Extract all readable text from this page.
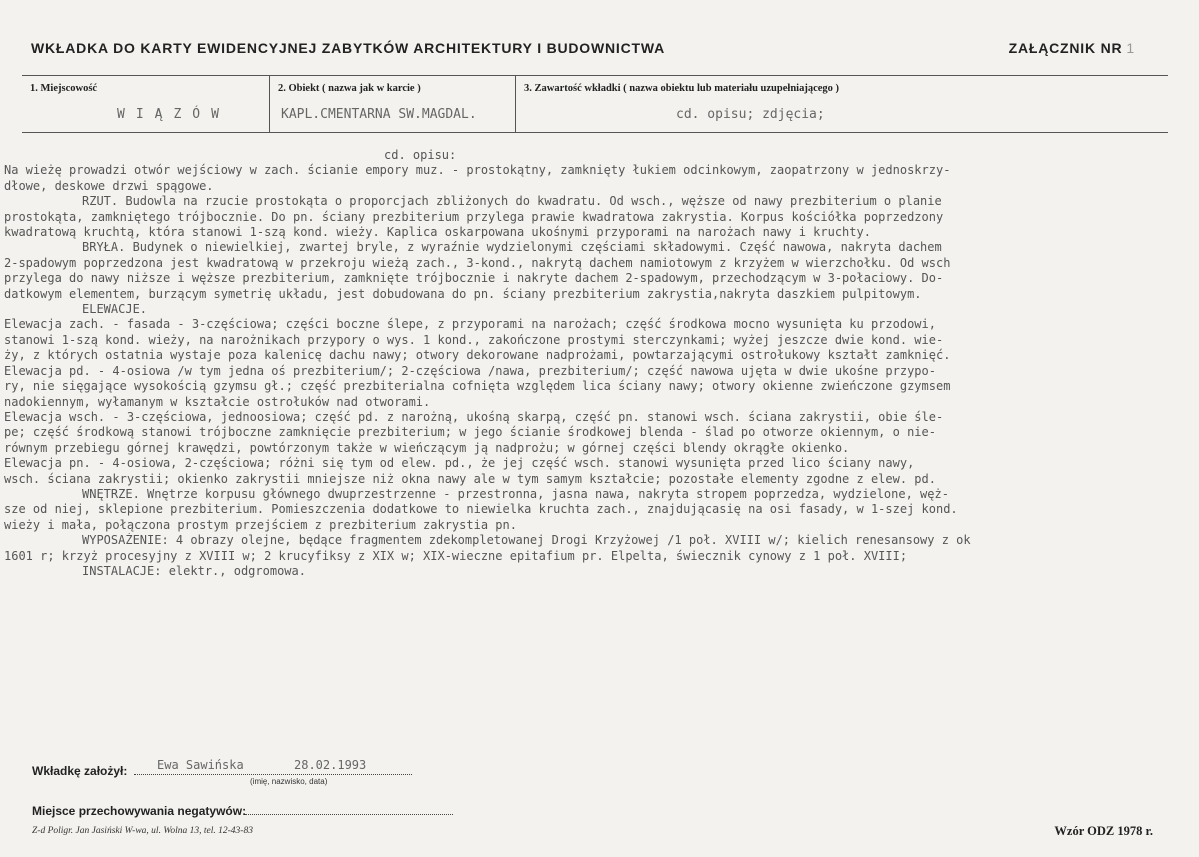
WKŁADKA DO KARTY EWIDENCYJNEJ ZABYTKÓW ARCHITEKTURY I BUDOWNICTWA	ZAŁĄCZNIK NR 1
1. Miejscowość
WIĄZÓW
2. Obiekt ( nazwa jak w karcie )
KAPL.CMENTARNA SW.MAGDAL.
3. Zawartość wkładki ( nazwa obiektu lub materiału uzupełniającego )
cd. opisu; zdjęcia;

cd. opisu:

Na wieżę prowadzi otwór wejściowy w zach. ścianie empory muz. - prostokątny, zamknięty łukiem odcinkowym, zaopatrzony w jednoskrzy-

dłowe, deskowe drzwi spągowe.

RZUT. Budowla na rzucie prostokąta o proporcjach zbliżonych do kwadratu. Od wsch., węższe od nawy prezbiterium o planie

prostokąta, zamkniętego trójbocznie. Do pn. ściany prezbiterium przylega prawie kwadratowa zakrystia. Korpus kościółka poprzedzony

kwadratową kruchtą, która stanowi 1-szą kond. wieży. Kaplica oskarpowana ukośnymi przyporami na narożach nawy i kruchty.

BRYŁA. Budynek o niewielkiej, zwartej bryle, z wyraźnie wydzielonymi częściami składowymi. Część nawowa, nakryta dachem

2-spadowym poprzedzona jest kwadratową w przekroju wieżą zach., 3-kond., nakrytą dachem namiotowym z krzyżem w wierzchołku. Od wsch

przylega do nawy niższe i węższe prezbiterium, zamknięte trójbocznie i nakryte dachem 2-spadowym, przechodzącym w 3-połaciowy. Do-

datkowym elementem, burzącym symetrię układu, jest dobudowana do pn. ściany prezbiterium zakrystia,nakryta daszkiem pulpitowym.

ELEWACJE.

Elewacja zach. - fasada - 3-częściowa; części boczne ślepe, z przyporami na narożach; część środkowa mocno wysunięta ku przodowi,

stanowi 1-szą kond. wieży, na narożnikach przypory o wys. 1 kond., zakończone prostymi sterczynkami; wyżej jeszcze dwie kond. wie-

ży, z których ostatnia wystaje poza kalenicę dachu nawy; otwory dekorowane nadprożami, powtarzającymi ostrołukowy kształt zamknięć.

Elewacja pd. - 4-osiowa /w tym jedna oś prezbiterium/; 2-częściowa /nawa, prezbiterium/; część nawowa ujęta w dwie ukośne przypo-

ry, nie sięgające wysokością gzymsu gł.; część prezbiterialna cofnięta względem lica ściany nawy; otwory okienne zwieńczone gzymsem

nadokiennym, wyłamanym w kształcie ostrołuków nad otworami.

Elewacja wsch. - 3-częściowa, jednoosiowa; część pd. z narożną, ukośną skarpą, część pn. stanowi wsch. ściana zakrystii, obie śle-

pe; część środkową stanowi trójboczne zamknięcie prezbiterium; w jego ścianie środkowej blenda - ślad po otworze okiennym, o nie-

równym przebiegu górnej krawędzi, powtórzonym także w wieńczącym ją nadprożu; w górnej części blendy okrągłe okienko.

Elewacja pn. - 4-osiowa, 2-częściowa; różni się tym od elew. pd., że jej część wsch. stanowi wysunięta przed lico ściany nawy,

wsch. ściana zakrystii; okienko zakrystii mniejsze niż okna nawy ale w tym samym kształcie; pozostałe elementy zgodne z elew. pd.

WNĘTRZE. Wnętrze korpusu głównego dwuprzestrzenne - przestronna, jasna nawa, nakryta stropem poprzedza, wydzielone, węż-

sze od niej, sklepione prezbiterium. Pomieszczenia dodatkowe to niewielka kruchta zach., znajdującasię na osi fasady, w 1-szej kond.

wieży i mała, połączona prostym przejściem z prezbiterium zakrystia pn.

WYPOSAŻENIE: 4 obrazy olejne, będące fragmentem zdekompletowanej Drogi Krzyżowej /1 poł. XVIII w/; kielich renesansowy z ok

1601 r; krzyż procesyjny z XVIII w; 2 krucyfiksy z XIX w; XIX-wieczne epitafium pr. Elpelta, świecznik cynowy z 1 poł. XVIII;

INSTALACJE: elektr., odgromowa.

Wkładkę założył: Ewa Sawińska	28.02.1993
(imię, nazwisko, data)
Miejsce przechowywania negatywów:
Z-d Poligr. Jan Jasiński W-wa, ul. Wolna 13, tel. 12-43-83	Wzór ODZ 1978 r.
